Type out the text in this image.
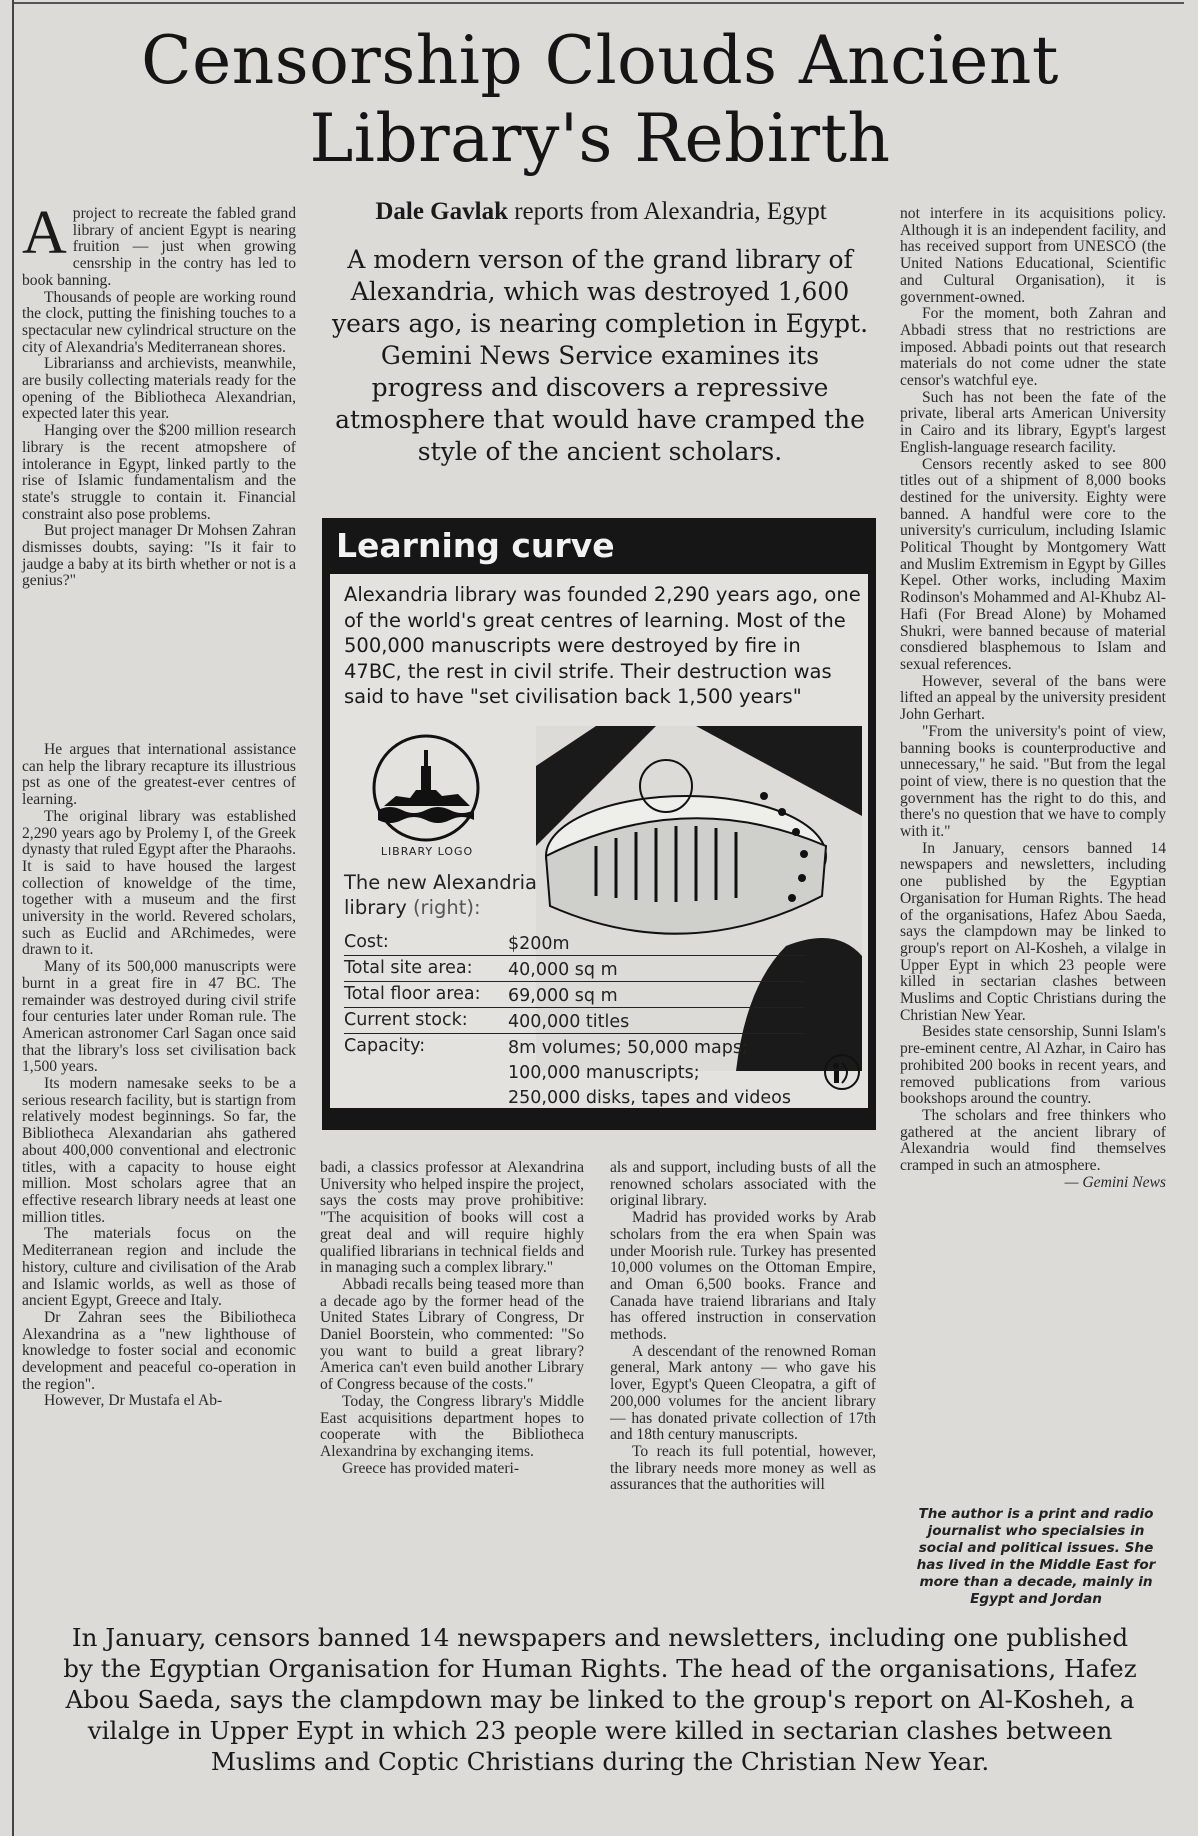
Censorship Clouds Ancient
Library's Rebirth
Dale Gavlak reports from Alexandria, Egypt
A modern verson of the grand library of Alexandria, which was destroyed 1,600 years ago, is nearing completion in Egypt. Gemini News Service examines its progress and discovers a repressive atmosphere that would have cramped the style of the ancient scholars.

Aproject to recreate the fabled grand library of ancient Egypt is nearing fruition — just when growing censrship in the contry has led to book banning.

Thousands of people are working round the clock, putting the finishing touches to a spectacular new cylindrical structure on the city of Alexandria's Mediterranean shores.

Librarianss and archievists, meanwhile, are busily collecting materials ready for the opening of the Bibliotheca Alexandrian, expected later this year.

Hanging over the $200 million research library is the recent atmopshere of intolerance in Egypt, linked partly to the rise of Islamic fundamentalism and the state's struggle to contain it. Financial constraint also pose problems.

But project manager Dr Mohsen Zahran dismisses doubts, saying: "Is it fair to jaudge a baby at its birth whether or not is a genius?"

He argues that international assistance can help the library recapture its illustrious pst as one of the greatest-ever centres of learning.

The original library was established 2,290 years ago by Prolemy I, of the Greek dynasty that ruled Egypt after the Pharaohs. It is said to have housed the largest collection of knoweldge of the time, together with a museum and the first university in the world. Revered scholars, such as Euclid and ARchimedes, were drawn to it.

Many of its 500,000 manuscripts were burnt in a great fire in 47 BC. The remainder was destroyed during civil strife four centuries later under Roman rule. The American astronomer Carl Sagan once said that the library's loss set civilisation back 1,500 years.

Its modern namesake seeks to be a serious research facility, but is startign from relatively modest beginnings. So far, the Bibliotheca Alexandarian ahs gathered about 400,000 conventional and electronic titles, with a capacity to house eight million. Most scholars agree that an effective research library needs at least one million titles.

The materials focus on the Mediterranean region and include the history, culture and civilisation of the Arab and Islamic worlds, as well as those of ancient Egypt, Greece and Italy.

Dr Zahran sees the Bibiliotheca Alexandrina as a "new lighthouse of knowledge to foster social and economic development and peaceful co-operation in the region".

However, Dr Mustafa el Ab-

Learning curve
Alexandria library was founded 2,290 years ago, one of the world's great centres of learning. Most of the 500,000 manuscripts were destroyed by fire in 47BC, the rest in civil strife. Their destruction was said to have "set civilisation back 1,500 years"
LIBRARY LOGO
The new Alexandria library (right):
Cost:	$200m
Total site area: 40,000 sq m
Total floor area: 69,000 sq m
Current stock: 400,000 titles
Capacity:	8m volumes; 50,000 maps;
100,000 manuscripts;
250,000 disks, tapes and videos

badi, a classics professor at Alexandrina University who helped inspire the project, says the costs may prove prohibitive: "The acquisition of books will cost a great deal and will require highly qualified librarians in technical fields and in managing such a complex library."

Abbadi recalls being teased more than a decade ago by the former head of the United States Library of Congress, Dr Daniel Boorstein, who commented: "So you want to build a great library? America can't even build another Library of Congress because of the costs."

Today, the Congress library's Middle East acquisitions department hopes to cooperate with the Bibliotheca Alexandrina by exchanging items.

Greece has provided materi-

als and support, including busts of all the renowned scholars associated with the original library.

Madrid has provided works by Arab scholars from the era when Spain was under Moorish rule. Turkey has presented 10,000 volumes on the Ottoman Empire, and Oman 6,500 books. France and Canada have traiend librarians and Italy has offered instruction in conservation methods.

A descendant of the renowned Roman general, Mark antony — who gave his lover, Egypt's Queen Cleopatra, a gift of 200,000 volumes for the ancient library — has donated private collection of 17th and 18th century manuscripts.

To reach its full potential, however, the library needs more money as well as assurances that the authorities will

not interfere in its acquisitions policy. Although it is an independent facility, and has received support from UNESCO (the United Nations Educational, Scientific and Cultural Organisation), it is government-owned.

For the moment, both Zahran and Abbadi stress that no restrictions are imposed. Abbadi points out that research materials do not come udner the state censor's watchful eye.

Such has not been the fate of the private, liberal arts American University in Cairo and its library, Egypt's largest English-language research facility.

Censors recently asked to see 800 titles out of a shipment of 8,000 books destined for the university. Eighty were banned. A handful were core to the university's curriculum, including Islamic Political Thought by Montgomery Watt and Muslim Extremism in Egypt by Gilles Kepel. Other works, including Maxim Rodinson's Mohammed and Al-Khubz Al-Hafi (For Bread Alone) by Mohamed Shukri, were banned because of material consdiered blasphemous to Islam and sexual references.

However, several of the bans were lifted an appeal by the university president John Gerhart.

"From the university's point of view, banning books is counterproductive and unnecessary," he said. "But from the legal point of view, there is no question that the government has the right to do this, and there's no question that we have to comply with it."

In January, censors banned 14 newspapers and newsletters, including one published by the Egyptian Organisation for Human Rights. The head of the organisations, Hafez Abou Saeda, says the clampdown may be linked to group's report on Al-Kosheh, a vilalge in Upper Eypt in which 23 people were killed in sectarian clashes between Muslims and Coptic Christians during the Christian New Year.

Besides state censorship, Sunni Islam's pre-eminent centre, Al Azhar, in Cairo has prohibited 200 books in recent years, and removed publications from various bookshops around the country.

The scholars and free thinkers who gathered at the ancient library of Alexandria would find themselves cramped in such an atmosphere.

— Gemini News

The author is a print and radio journalist who specialsies in social and political issues. She has lived in the Middle East for more than a decade, mainly in Egypt and Jordan
In January, censors banned 14 newspapers and newsletters, including one published by the Egyptian Organisation for Human Rights. The head of the organisations, Hafez Abou Saeda, says the clampdown may be linked to the group's report on Al-Kosheh, a vilalge in Upper Eypt in which 23 people were killed in sectarian clashes between Muslims and Coptic Christians during the Christian New Year.
